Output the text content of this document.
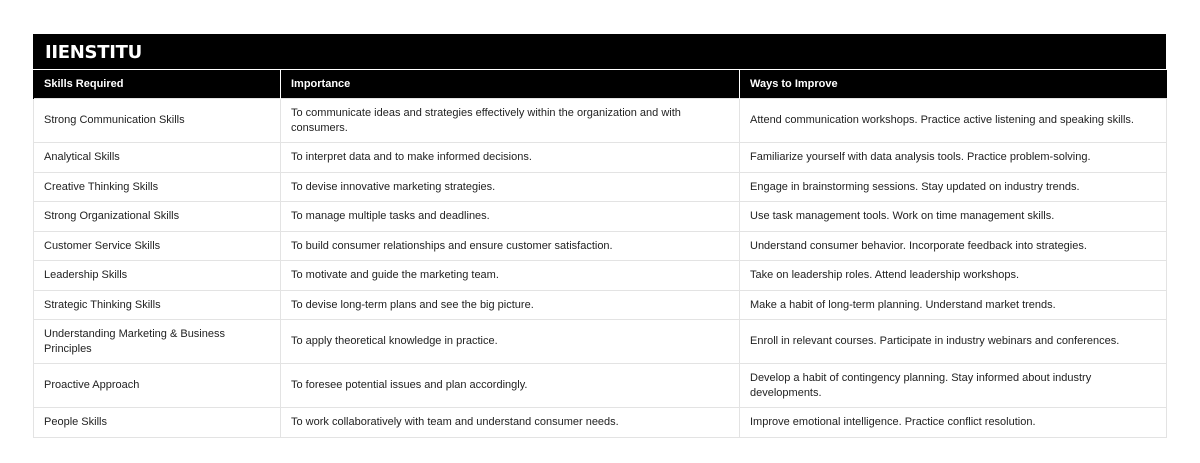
IIENSTITU
Skills Required	Importance	Ways to Improve
Strong Communication Skills	To communicate ideas and strategies effectively within the organization and with consumers.	Attend communication workshops. Practice active listening and speaking skills.
Analytical Skills	To interpret data and to make informed decisions.	Familiarize yourself with data analysis tools. Practice problem-solving.
Creative Thinking Skills	To devise innovative marketing strategies.	Engage in brainstorming sessions. Stay updated on industry trends.
Strong Organizational Skills	To manage multiple tasks and deadlines.	Use task management tools. Work on time management skills.
Customer Service Skills	To build consumer relationships and ensure customer satisfaction.	Understand consumer behavior. Incorporate feedback into strategies.
Leadership Skills	To motivate and guide the marketing team.	Take on leadership roles. Attend leadership workshops.
Strategic Thinking Skills	To devise long-term plans and see the big picture.	Make a habit of long-term planning. Understand market trends.
Understanding Marketing & Business Principles	To apply theoretical knowledge in practice.	Enroll in relevant courses. Participate in industry webinars and conferences.
Proactive Approach	To foresee potential issues and plan accordingly.	Develop a habit of contingency planning. Stay informed about industry developments.
People Skills	To work collaboratively with team and understand consumer needs.	Improve emotional intelligence. Practice conflict resolution.
